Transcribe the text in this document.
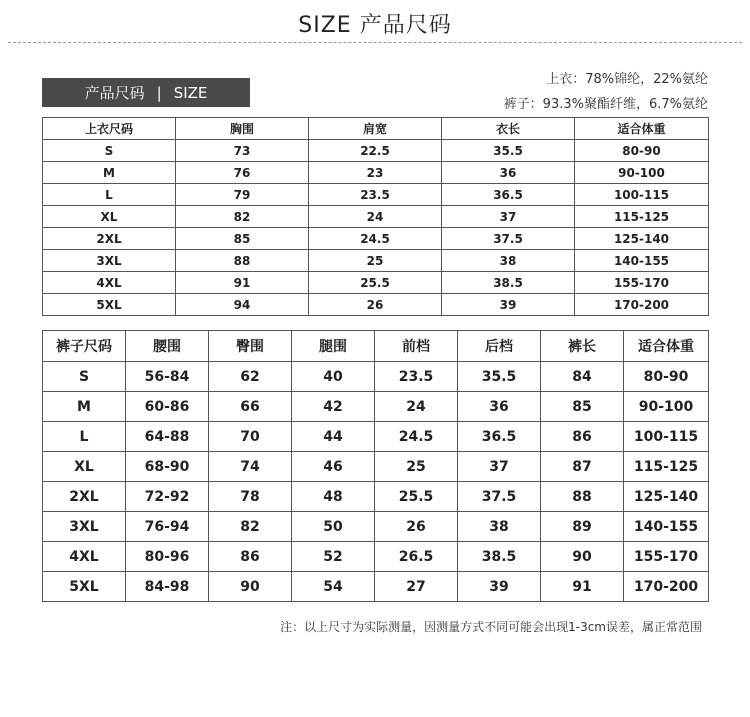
SIZE 产品尺码
产品尺码 | SIZE
上衣：78%锦纶，22%氨纶
裤子：93.3%聚酯纤维，6.7%氨纶
上衣尺码	胸围	肩宽	衣长	适合体重
S	73	22.5	35.5	80-90
M	76	23	36	90-100
L	79	23.5	36.5	100-115
XL	82	24	37	115-125
2XL	85	24.5	37.5	125-140
3XL	88	25	38	140-155
4XL	91	25.5	38.5	155-170
5XL	94	26	39	170-200
裤子尺码	腰围	臀围	腿围	前档	后档	裤长	适合体重
S	56-84	62	40	23.5	35.5	84	80-90
M	60-86	66	42	24	36	85	90-100
L	64-88	70	44	24.5	36.5	86	100-115
XL	68-90	74	46	25	37	87	115-125
2XL	72-92	78	48	25.5	37.5	88	125-140
3XL	76-94	82	50	26	38	89	140-155
4XL	80-96	86	52	26.5	38.5	90	155-170
5XL	84-98	90	54	27	39	91	170-200
注：以上尺寸为实际测量，因测量方式不同可能会出现1-3cm误差，属正常范围
